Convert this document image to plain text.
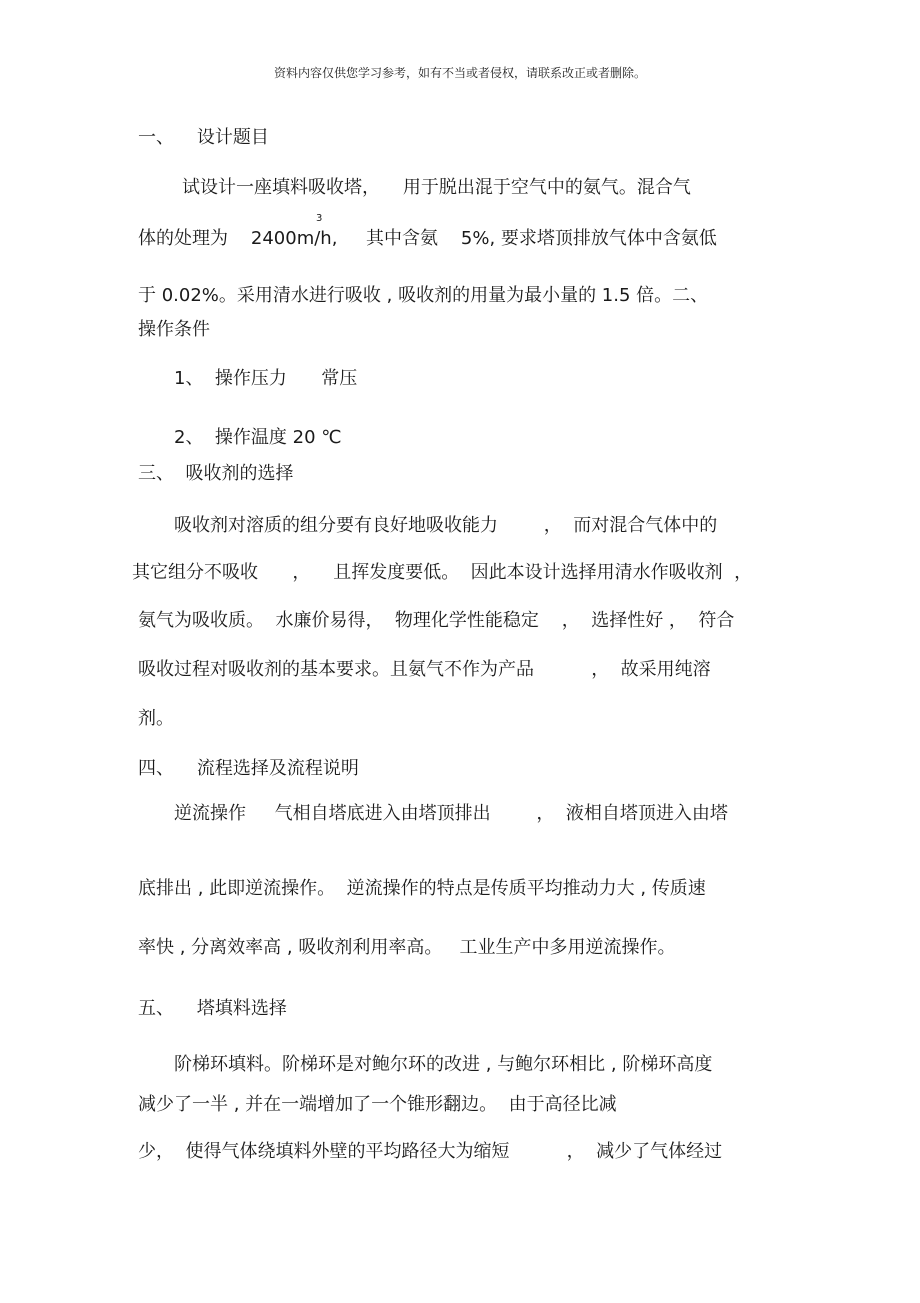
资料内容仅供您学习参考，如有不当或者侵权，请联系改正或者删除。
一、    设计题目
试设计一座填料吸收塔，    用于脱出混于空气中的氨气。混合气
体的处理为    2400m/h,     其中含氨    5%, 要求塔顶排放气体中含氨低
3
于 0.02%。采用清水进行吸收 , 吸收剂的用量为最小量的 1.5 倍。二、
操作条件
1、  操作压力      常压
2、  操作温度 20 ℃
三、  吸收剂的选择
吸收剂对溶质的组分要有良好地吸收能力        ，  而对混合气体中的
其它组分不吸收      ，    且挥发度要低。  因此本设计选择用清水作吸收剂  ，
氨气为吸收质。  水廉价易得，  物理化学性能稳定    ，  选择性好 ，  符合
吸收过程对吸收剂的基本要求。且氨气不作为产品          ，  故采用纯溶
剂。
四、    流程选择及流程说明
逆流操作     气相自塔底进入由塔顶排出        ，  液相自塔顶进入由塔
底排出 , 此即逆流操作。  逆流操作的特点是传质平均推动力大 , 传质速
率快 , 分离效率高 , 吸收剂利用率高。   工业生产中多用逆流操作。
五、    塔填料选择
阶梯环填料。阶梯环是对鲍尔环的改进 , 与鲍尔环相比 , 阶梯环高度
减少了一半 , 并在一端增加了一个锥形翻边。  由于高径比减
少，  使得气体绕填料外壁的平均路径大为缩短          ，  减少了气体经过
